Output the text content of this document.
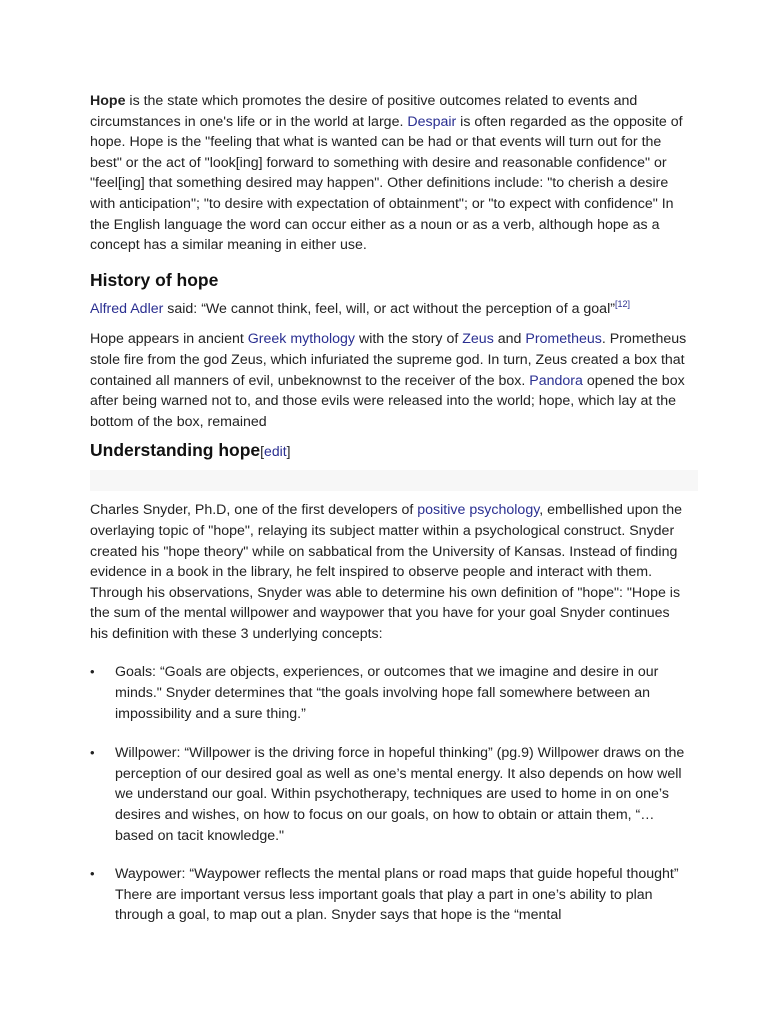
Hope is the state which promotes the desire of positive outcomes related to events and circumstances in one's life or in the world at large. Despair is often regarded as the opposite of hope. Hope is the "feeling that what is wanted can be had or that events will turn out for the best" or the act of "look[ing] forward to something with desire and reasonable confidence" or "feel[ing] that something desired may happen". Other definitions include: "to cherish a desire with anticipation"; "to desire with expectation of obtainment"; or "to expect with confidence" In the English language the word can occur either as a noun or as a verb, although hope as a concept has a similar meaning in either use.

History of hope

Alfred Adler said: “We cannot think, feel, will, or act without the perception of a goal”[12]

Hope appears in ancient Greek mythology with the story of Zeus and Prometheus. Prometheus stole fire from the god Zeus, which infuriated the supreme god. In turn, Zeus created a box that contained all manners of evil, unbeknownst to the receiver of the box. Pandora opened the box after being warned not to, and those evils were released into the world; hope, which lay at the bottom of the box, remained

Understanding hope[edit]

Charles Snyder, Ph.D, one of the first developers of positive psychology, embellished upon the overlaying topic of "hope", relaying its subject matter within a psychological construct. Snyder created his "hope theory" while on sabbatical from the University of Kansas. Instead of finding evidence in a book in the library, he felt inspired to observe people and interact with them. Through his observations, Snyder was able to determine his own definition of "hope": "Hope is the sum of the mental willpower and waypower that you have for your goal Snyder continues his definition with these 3 underlying concepts:

• Goals: “Goals are objects, experiences, or outcomes that we imagine and desire in our minds." Snyder determines that “the goals involving hope fall somewhere between an impossibility and a sure thing.”
• Willpower: “Willpower is the driving force in hopeful thinking” (pg.9) Willpower draws on the perception of our desired goal as well as one’s mental energy. It also depends on how well we understand our goal. Within psychotherapy, techniques are used to home in on one’s desires and wishes, on how to focus on our goals, on how to obtain or attain them, “…based on tacit knowledge."
• Waypower: “Waypower reflects the mental plans or road maps that guide hopeful thought” There are important versus less important goals that play a part in one’s ability to plan through a goal, to map out a plan. Snyder says that hope is the “mental
